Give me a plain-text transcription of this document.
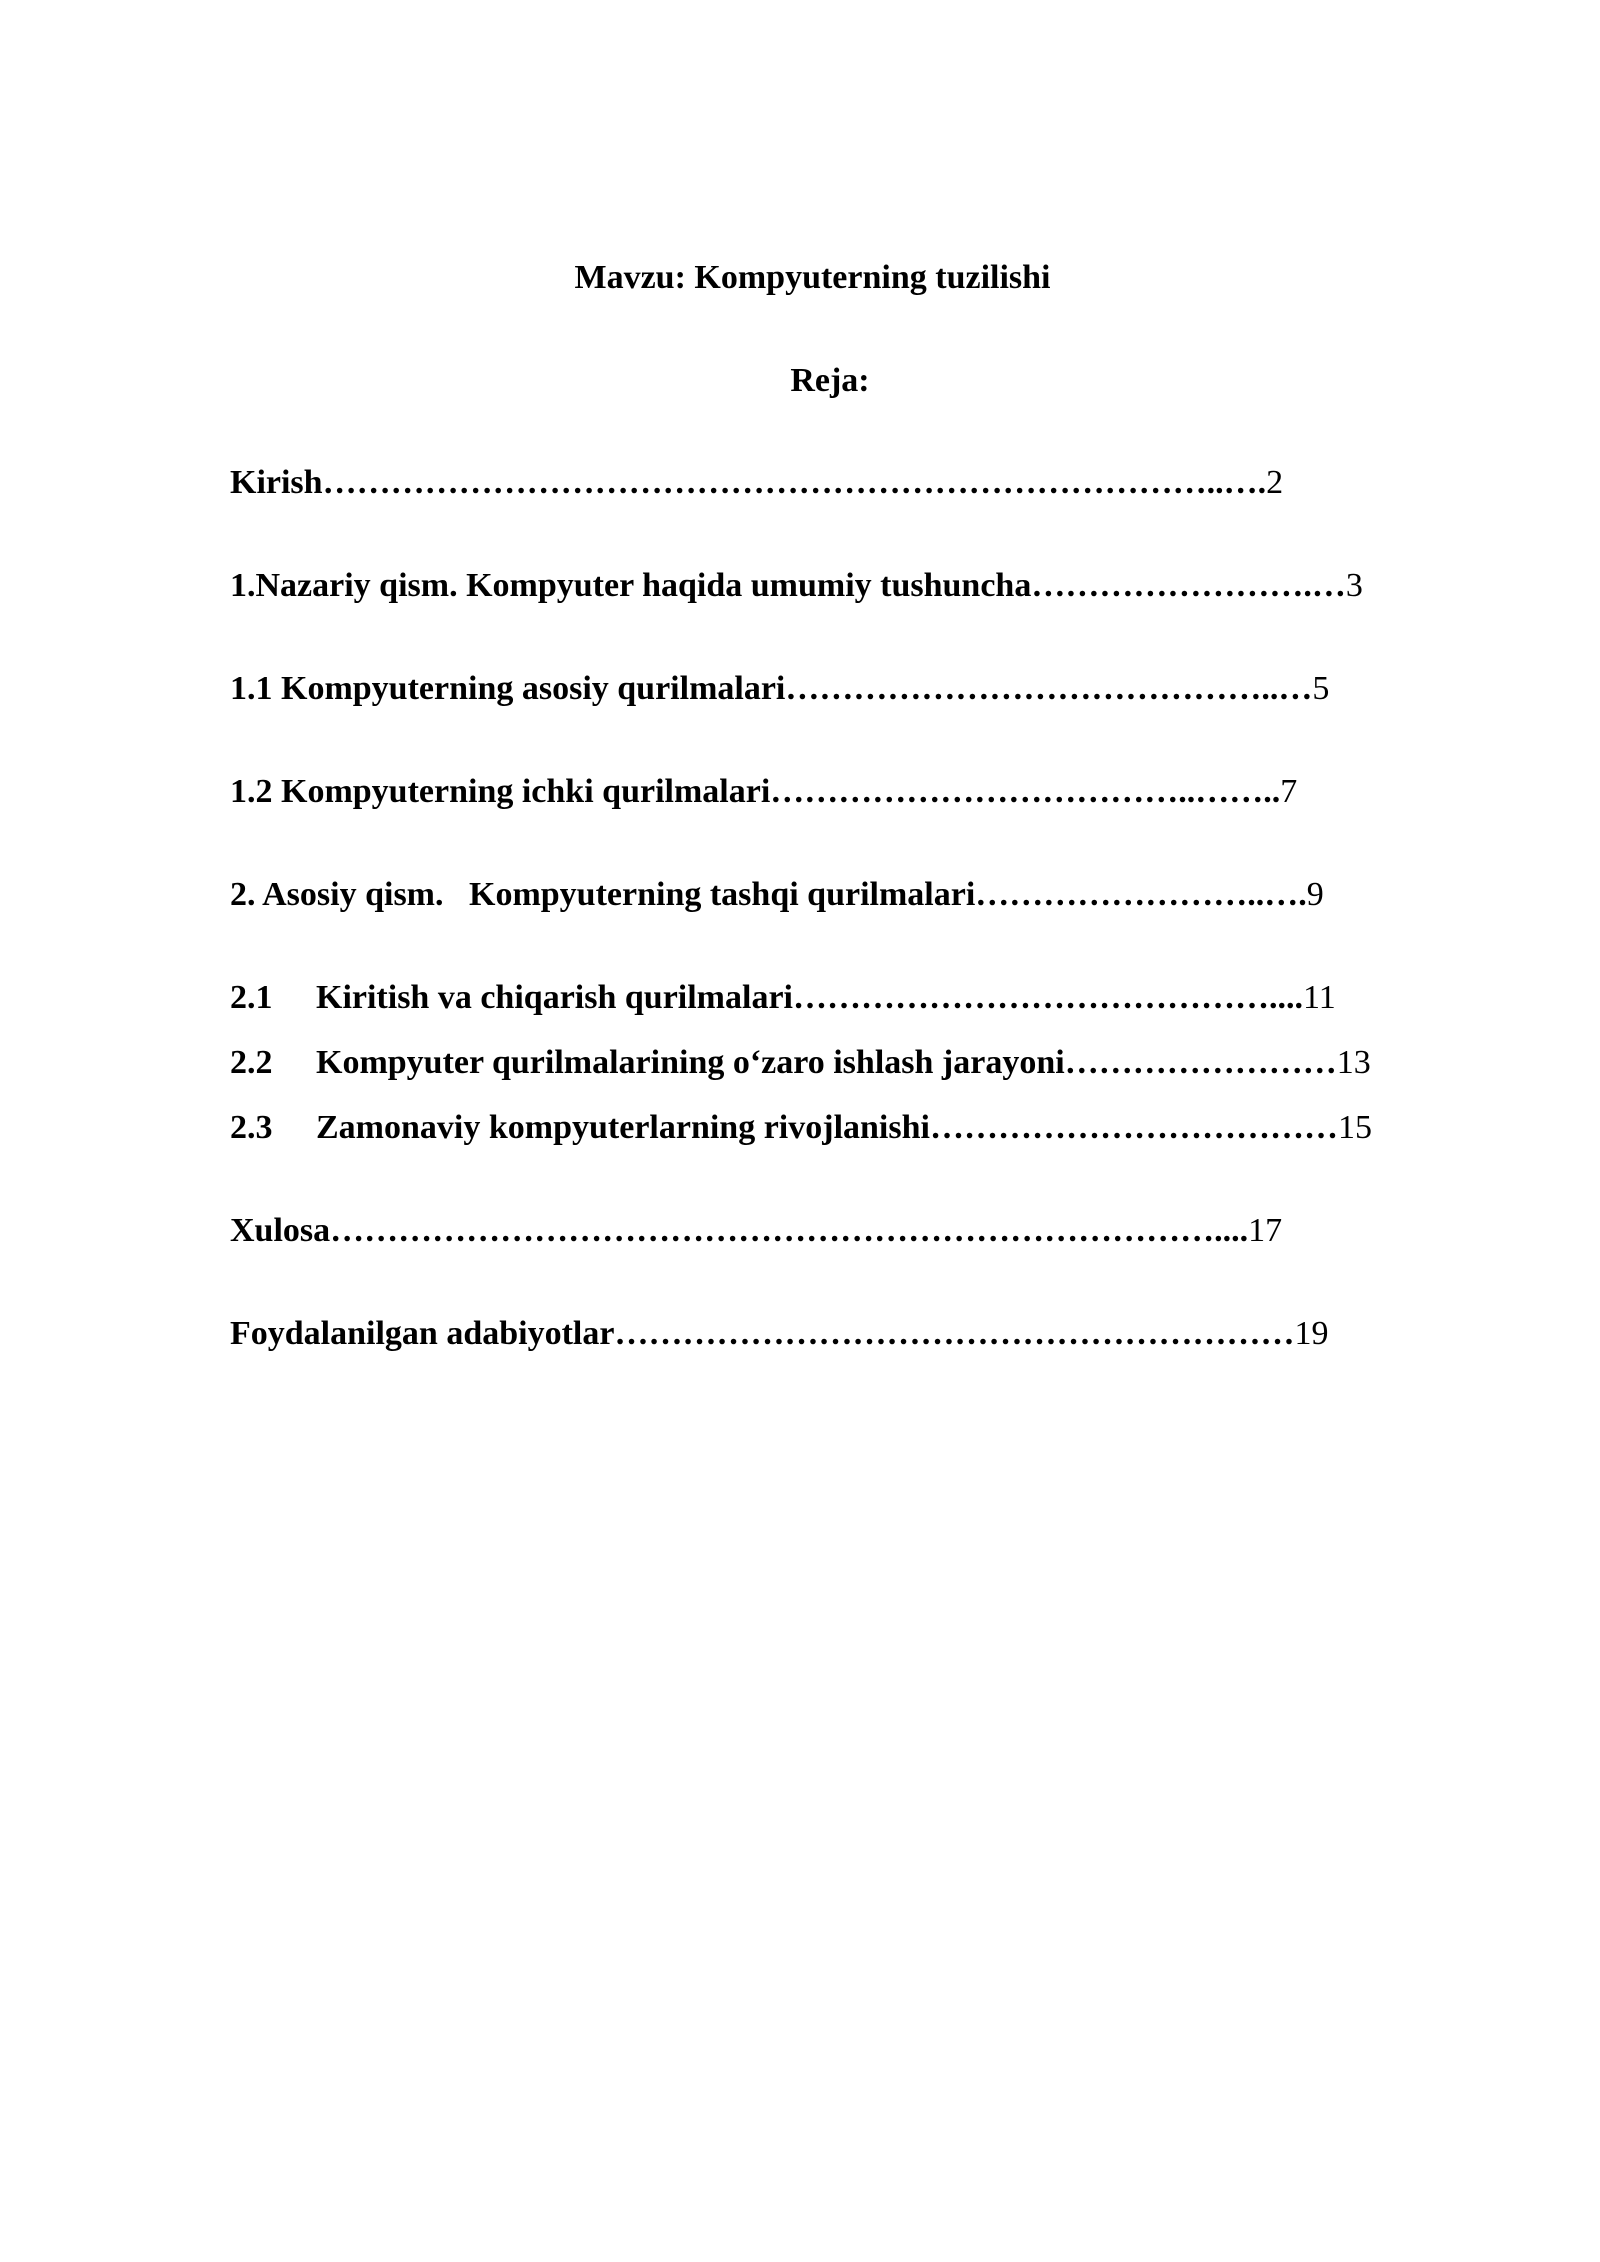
Mavzu: Kompyuterning tuzilishi
Reja:
Kirish……………………………………………………………………..….2
1.Nazariy qism. Kompyuter haqida umumiy tushuncha…………………….…3
1.1 Kompyuterning asosiy qurilmalari……………………………………..…5
1.2 Kompyuterning ichki qurilmalari………………………………..……..7
2. Asosiy qism.   Kompyuterning tashqi qurilmalari……………………..….9
2.1 Kiritish va chiqarish qurilmalari……………………………………....11
2.2 Kompyuter qurilmalarining o‘zaro ishlash jarayoni……………………13
2.3 Zamonaviy kompyuterlarning rivojlanishi………………………………15
Xulosa……………………………………………………………………....17
Foydalanilgan adabiyotlar……………………………………………………19
